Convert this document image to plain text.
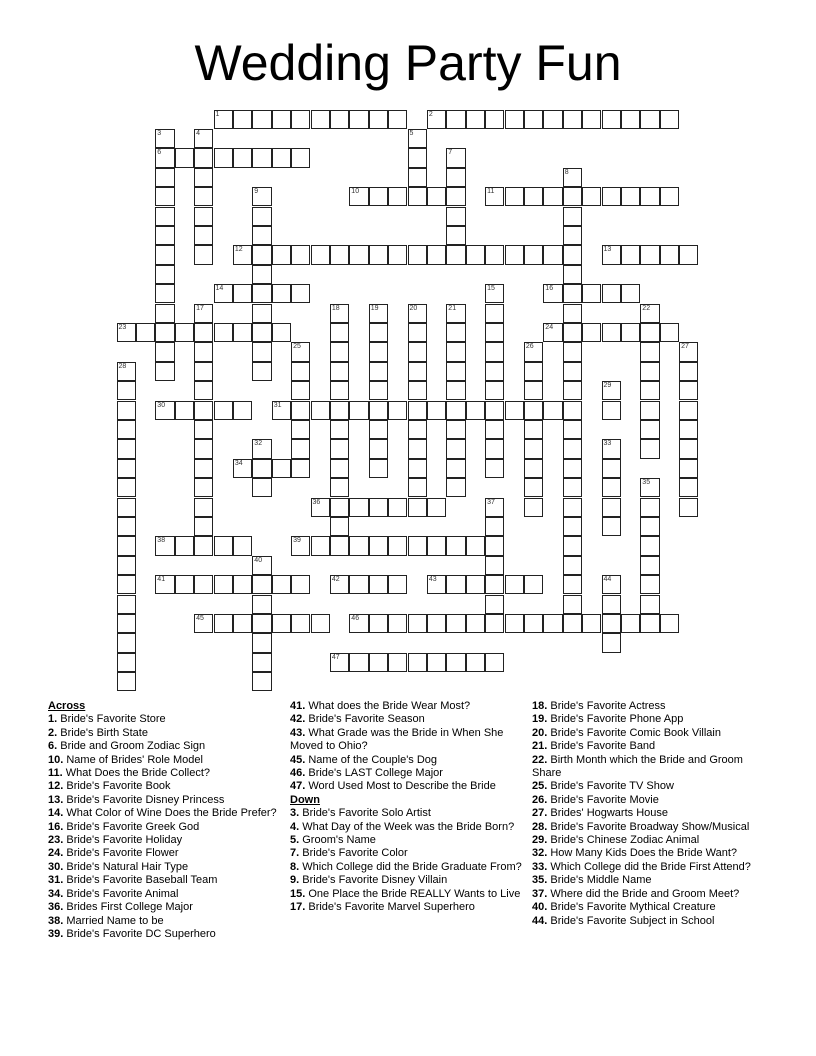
Wedding Party Fun
1	2
3
6
4	5
7
8
9	10	11
12	13
14	15	16
17	18	19	20	21	22
23	24
25	26	27
28
29
30	31
32	33
34
35
36	37
38	39
40
41	42	43	44
45	46
47

Across

1. Bride's Favorite Store

2. Bride's Birth State

6. Bride and Groom Zodiac Sign

10. Name of Brides' Role Model

11. What Does the Bride Collect?

12. Bride's Favorite Book

13. Bride's Favorite Disney Princess

14. What Color of Wine Does the Bride Prefer?

16. Bride's Favorite Greek God

23. Bride's Favorite Holiday

24. Bride's Favorite Flower

30. Bride's Natural Hair Type

31. Bride's Favorite Baseball Team

34. Bride's Favorite Animal

36. Brides First College Major

38. Married Name to be

39. Bride's Favorite DC Superhero

41. What does the Bride Wear Most?

42. Bride's Favorite Season

43. What Grade was the Bride in When She Moved to Ohio?

45. Name of the Couple's Dog

46. Bride's LAST College Major

47. Word Used Most to Describe the Bride

Down

3. Bride's Favorite Solo Artist

4. What Day of the Week was the Bride Born?

5. Groom's Name

7. Bride's Favorite Color

8. Which College did the Bride Graduate From?

9. Bride's Favorite Disney Villain

15. One Place the Bride REALLY Wants to Live

17. Bride's Favorite Marvel Superhero

18. Bride's Favorite Actress

19. Bride's Favorite Phone App

20. Bride's Favorite Comic Book Villain

21. Bride's Favorite Band

22. Birth Month which the Bride and Groom Share

25. Bride's Favorite TV Show

26. Bride's Favorite Movie

27. Brides' Hogwarts House

28. Bride's Favorite Broadway Show/Musical

29. Bride's Chinese Zodiac Animal

32. How Many Kids Does the Bride Want?

33. Which College did the Bride First Attend?

35. Bride's Middle Name

37. Where did the Bride and Groom Meet?

40. Bride's Favorite Mythical Creature

44. Bride's Favorite Subject in School
